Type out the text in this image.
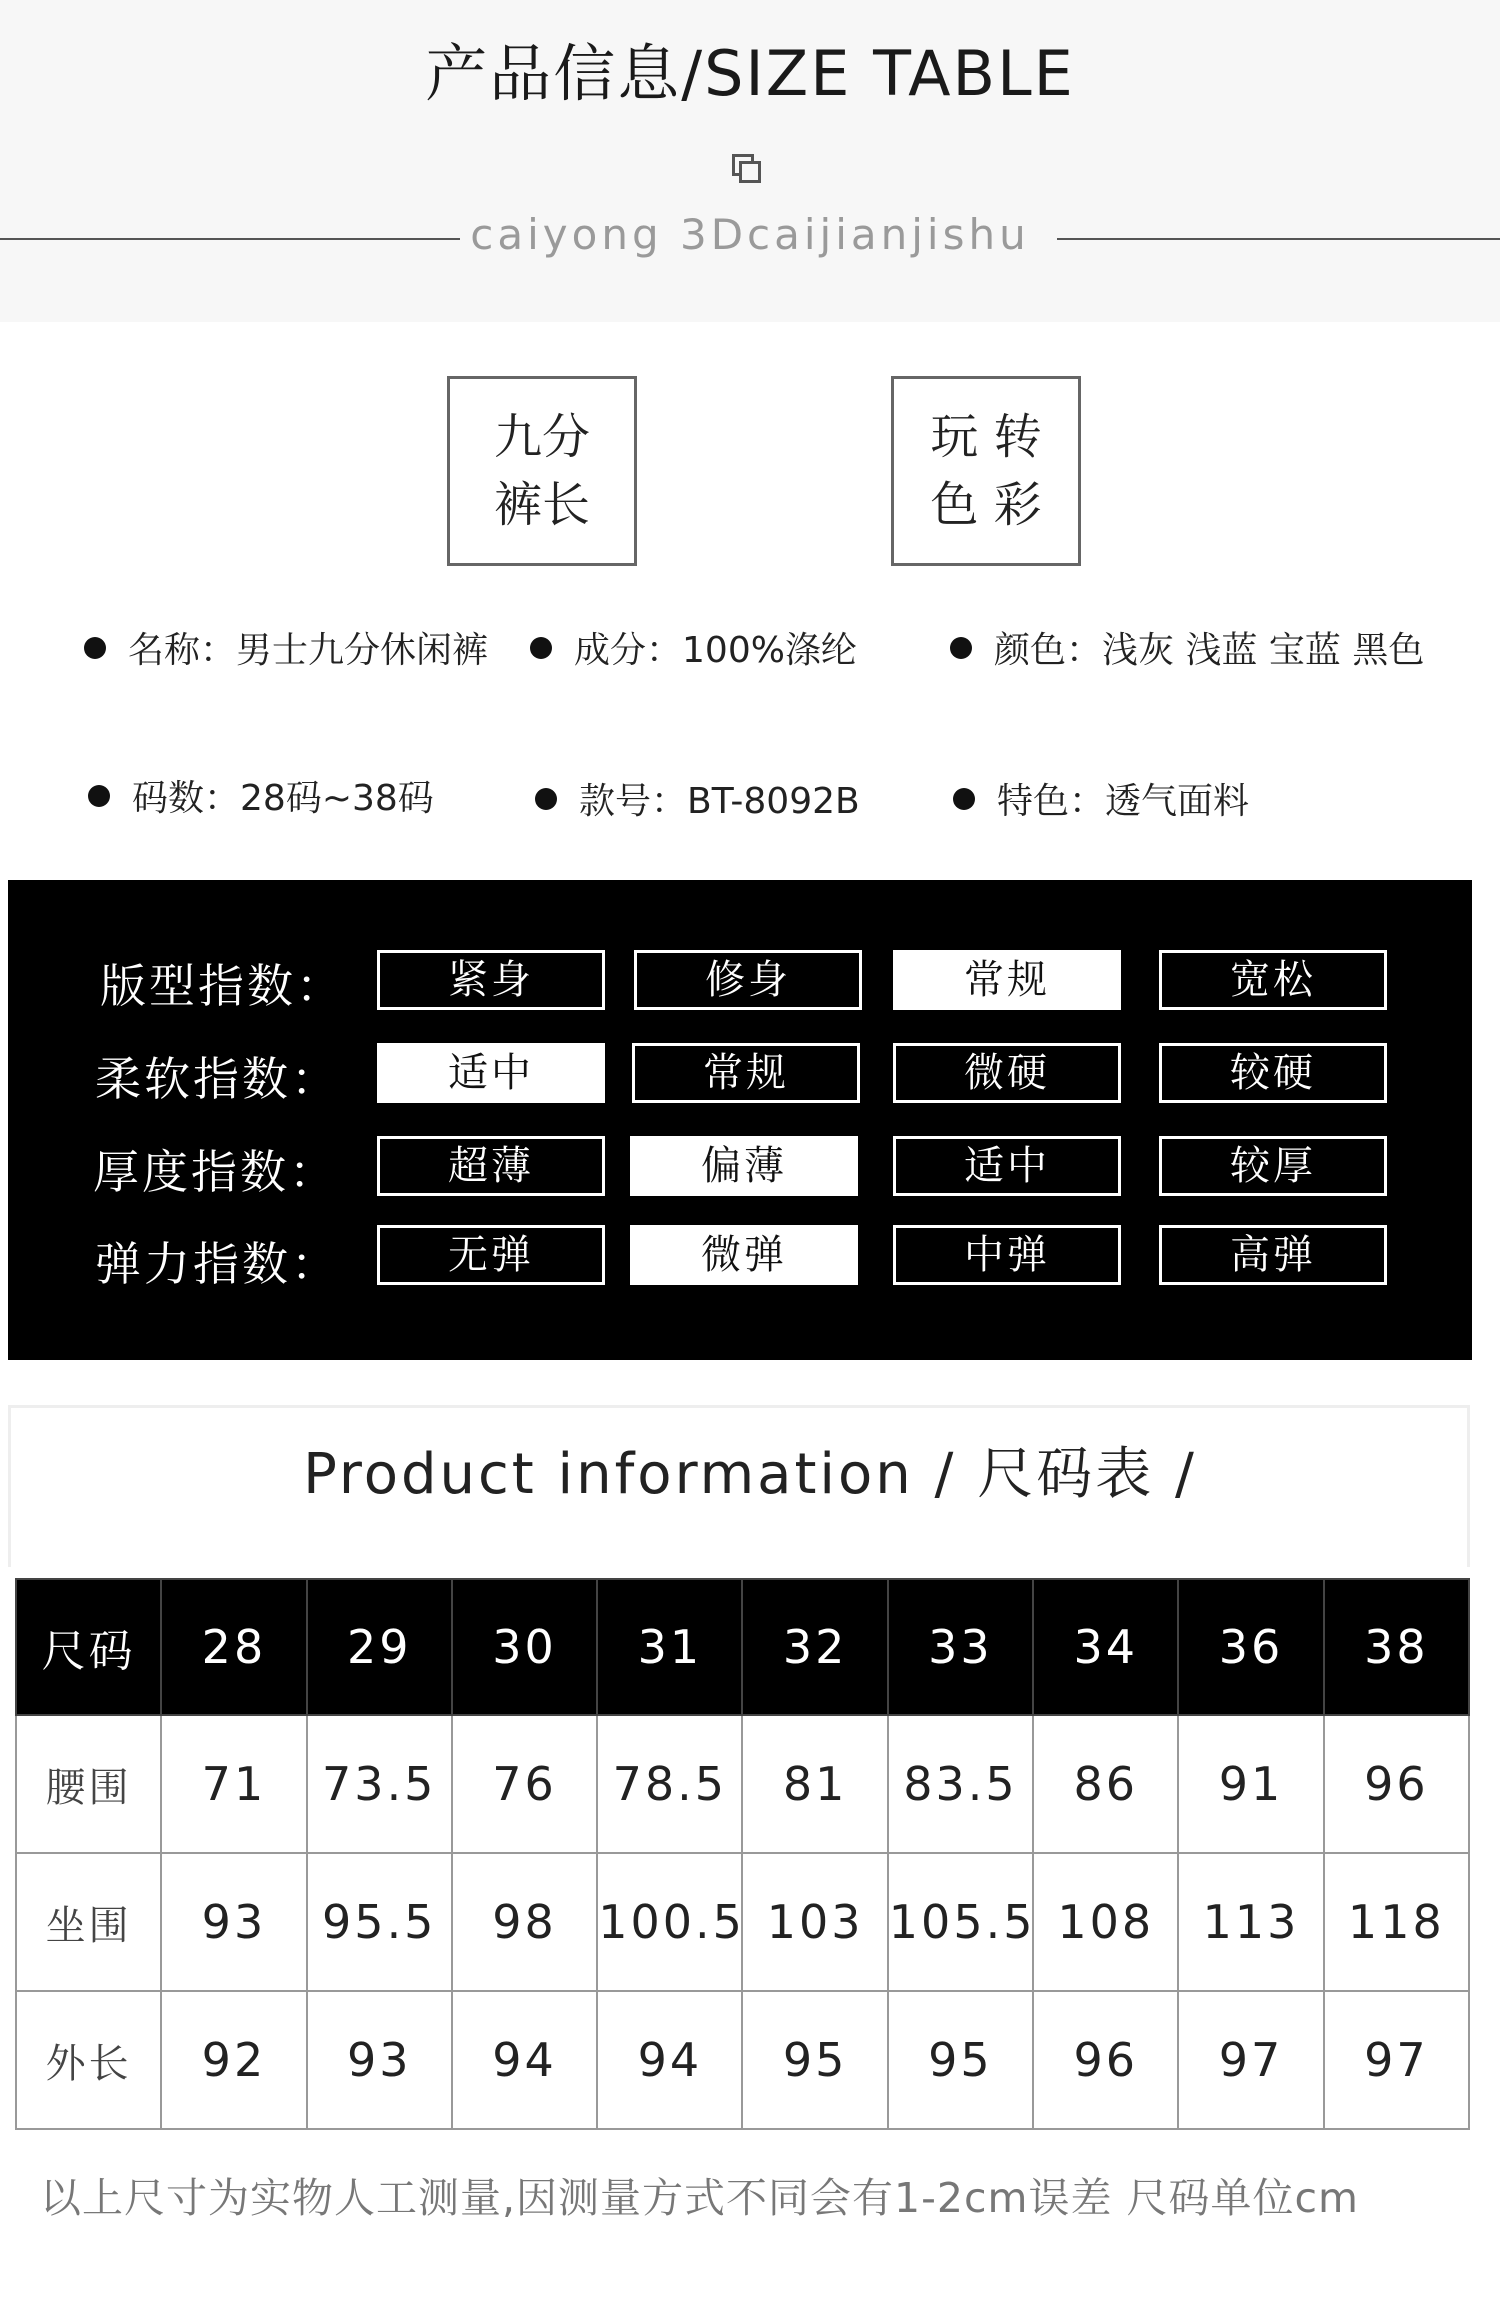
产品信息/SIZE TABLE
caiyong 3Dcaijianjishu
九分
裤长
玩 转
色 彩
名称：男士九分休闲裤	成分：100%涤纶	颜色：浅灰 浅蓝 宝蓝 黑色
码数：28码~38码	款号：BT-8092B	特色：透气面料
版型指数：	紧身	修身	常规	宽松
柔软指数：	适中	常规	微硬	较硬
厚度指数：	超薄	偏薄	适中	较厚
弹力指数：	无弹	微弹	中弹	高弹
Product information / 尺码表 /
尺码	28	29	30	31	32	33	34	36	38
腰围	71	73.5	76	78.5	81	83.5	86	91	96
坐围	93	95.5	98	100.5	103	105.5	108	113	118
外长	92	93	94	94	95	95	96	97	97
以上尺寸为实物人工测量,因测量方式不同会有1-2cm误差 尺码单位cm
